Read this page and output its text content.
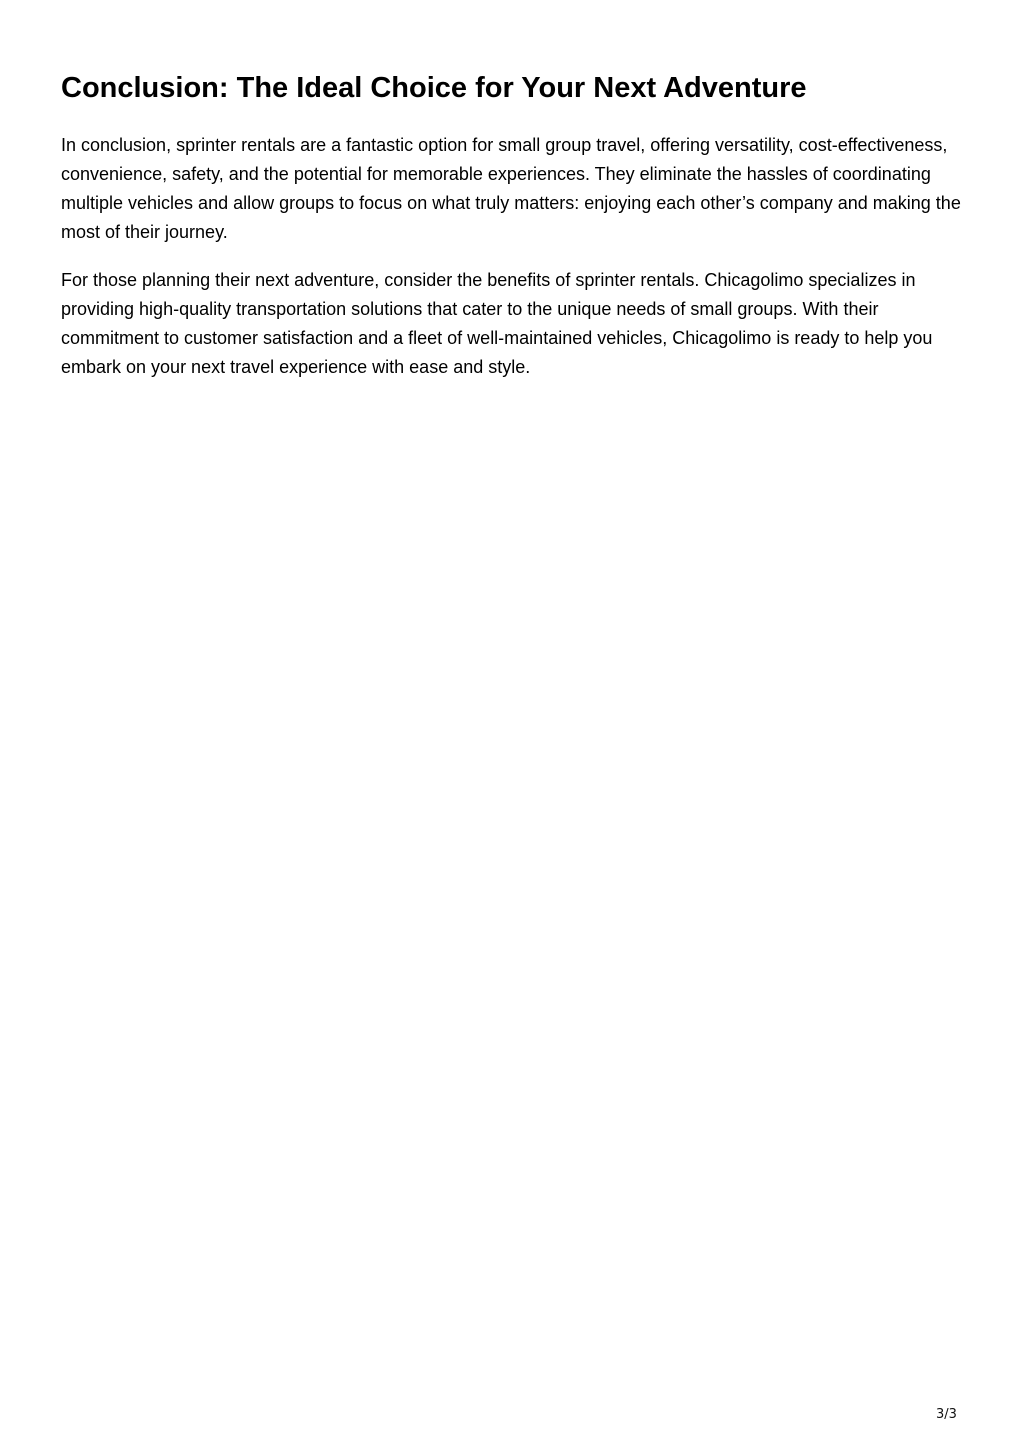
Conclusion: The Ideal Choice for Your Next Adventure

In conclusion, sprinter rentals are a fantastic option for small group travel, offering versatility, cost-effectiveness, convenience, safety, and the potential for memorable experiences. They eliminate the hassles of coordinating multiple vehicles and allow groups to focus on what truly matters: enjoying each other’s company and making the most of their journey.

For those planning their next adventure, consider the benefits of sprinter rentals. Chicagolimo specializes in providing high-quality transportation solutions that cater to the unique needs of small groups. With their commitment to customer satisfaction and a fleet of well-maintained vehicles, Chicagolimo is ready to help you embark on your next travel experience with ease and style.

3/3
